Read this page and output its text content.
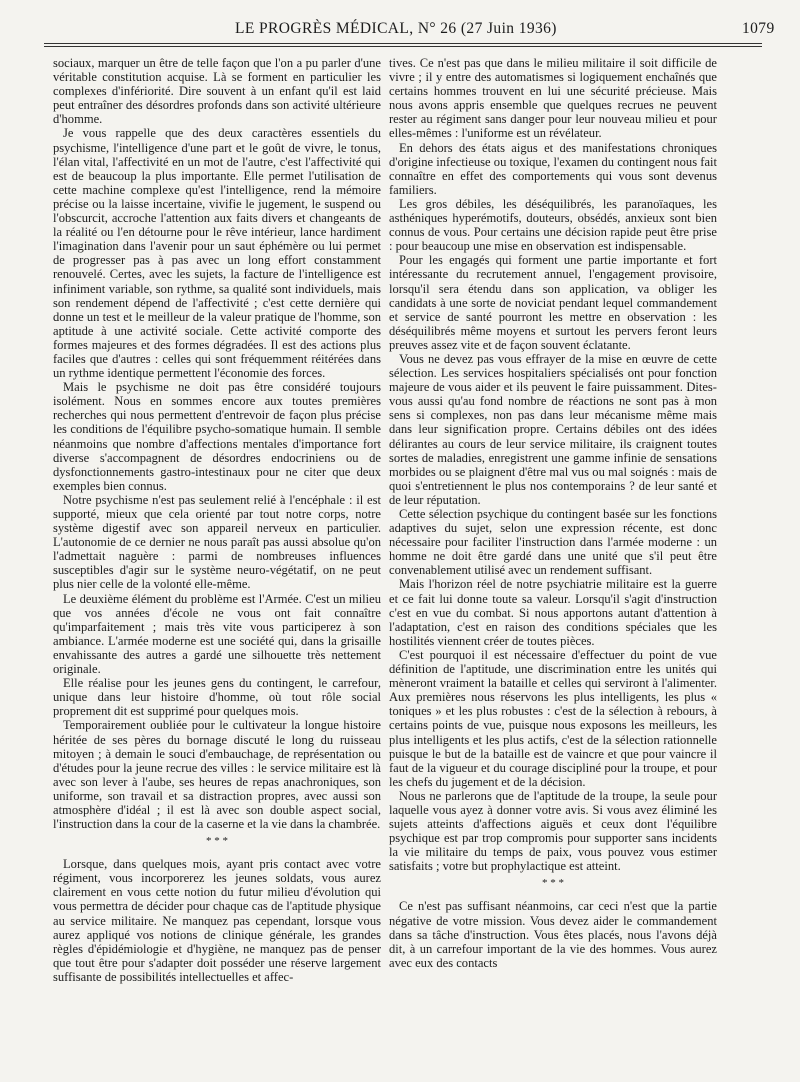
LE PROGRÈS MÉDICAL, N° 26 (27 Juin 1936)	1079

sociaux, marquer un être de telle façon que l'on a pu parler d'une véritable constitution acquise. Là se forment en particulier les complexes d'infériorité. Dire souvent à un enfant qu'il est laid peut entraîner des désordres profonds dans son activité ultérieure d'homme.

Je vous rappelle que des deux caractères essentiels du psychisme, l'intelligence d'une part et le goût de vivre, le tonus, l'élan vital, l'affectivité en un mot de l'autre, c'est l'affectivité qui est de beaucoup la plus importante. Elle permet l'utilisation de cette machine complexe qu'est l'intelligence, rend la mémoire précise ou la laisse incertaine, vivifie le jugement, le suspend ou l'obscurcit, accroche l'attention aux faits divers et changeants de la réalité ou l'en détourne pour le rêve intérieur, lance hardiment l'imagination dans l'avenir pour un saut éphémère ou lui permet de progresser pas à pas avec un long effort constamment renouvelé. Certes, avec les sujets, la facture de l'intelligence est infiniment variable, son rythme, sa qualité sont individuels, mais son rendement dépend de l'affectivité ; c'est cette dernière qui donne un test et le meilleur de la valeur pratique de l'homme, son aptitude à une activité sociale. Cette activité comporte des formes majeures et des formes dégradées. Il est des actions plus faciles que d'autres : celles qui sont fréquemment réitérées dans un rythme identique permettent l'économie des forces.

Mais le psychisme ne doit pas être considéré toujours isolément. Nous en sommes encore aux toutes premières recherches qui nous permettent d'entrevoir de façon plus précise les conditions de l'équilibre psycho-somatique humain. Il semble néanmoins que nombre d'affections mentales d'importance fort diverse s'accompagnent de désordres endocriniens ou de dysfonctionnements gastro-intestinaux pour ne citer que deux exemples bien connus.

Notre psychisme n'est pas seulement relié à l'encéphale : il est supporté, mieux que cela orienté par tout notre corps, notre système digestif avec son appareil nerveux en particulier. L'autonomie de ce dernier ne nous paraît pas aussi absolue qu'on l'admettait naguère : parmi de nombreuses influences susceptibles d'agir sur le système neuro-végétatif, on ne peut plus nier celle de la volonté elle-même.

Le deuxième élément du problème est l'Armée. C'est un milieu que vos années d'école ne vous ont fait connaître qu'imparfaitement ; mais très vite vous participerez à son ambiance. L'armée moderne est une société qui, dans la grisaille envahissante des autres a gardé une silhouette très nettement originale.

Elle réalise pour les jeunes gens du contingent, le carrefour, unique dans leur histoire d'homme, où tout rôle social proprement dit est supprimé pour quelques mois.

Temporairement oubliée pour le cultivateur la longue histoire héritée de ses pères du bornage discuté le long du ruisseau mitoyen ; à demain le souci d'embauchage, de représentation ou d'études pour la jeune recrue des villes : le service militaire est là avec son lever à l'aube, ses heures de repas anachroniques, son uniforme, son travail et sa distraction propres, avec aussi son atmosphère d'idéal ; il est là avec son double aspect social, l'instruction dans la cour de la caserne et la vie dans la chambrée.

* * *

Lorsque, dans quelques mois, ayant pris contact avec votre régiment, vous incorporerez les jeunes soldats, vous aurez clairement en vous cette notion du futur milieu d'évolution qui vous permettra de décider pour chaque cas de l'aptitude physique au service militaire. Ne manquez pas cependant, lorsque vous aurez appliqué vos notions de clinique générale, les grandes règles d'épidémiologie et d'hygiène, ne manquez pas de penser que tout être pour s'adapter doit posséder une réserve largement suffisante de possibilités intellectuelles et affec-

tives. Ce n'est pas que dans le milieu militaire il soit difficile de vivre ; il y entre des automatismes si logiquement enchaînés que certains hommes trouvent en lui une sécurité précieuse. Mais nous avons appris ensemble que quelques recrues ne peuvent rester au régiment sans danger pour leur nouveau milieu et pour elles-mêmes : l'uniforme est un révélateur.

En dehors des états aigus et des manifestations chroniques d'origine infectieuse ou toxique, l'examen du contingent nous fait connaître en effet des comportements qui vous sont devenus familiers.

Les gros débiles, les déséquilibrés, les paranoïaques, les asthéniques hyperémotifs, douteurs, obsédés, anxieux sont bien connus de vous. Pour certains une décision rapide peut être prise : pour beaucoup une mise en observation est indispensable.

Pour les engagés qui forment une partie importante et fort intéressante du recrutement annuel, l'engagement provisoire, lorsqu'il sera étendu dans son application, va obliger les candidats à une sorte de noviciat pendant lequel commandement et service de santé pourront les mettre en observation : les déséquilibrés même moyens et surtout les pervers feront leurs preuves assez vite et de façon souvent éclatante.

Vous ne devez pas vous effrayer de la mise en œuvre de cette sélection. Les services hospitaliers spécialisés ont pour fonction majeure de vous aider et ils peuvent le faire puissamment. Dites-vous aussi qu'au fond nombre de réactions ne sont pas à mon sens si complexes, non pas dans leur mécanisme même mais dans leur signification propre. Certains débiles ont des idées délirantes au cours de leur service militaire, ils craignent toutes sortes de maladies, enregistrent une gamme infinie de sensations morbides ou se plaignent d'être mal vus ou mal soignés : mais de quoi s'entretiennent le plus nos contemporains ? de leur santé et de leur réputation.

Cette sélection psychique du contingent basée sur les fonctions adaptives du sujet, selon une expression récente, est donc nécessaire pour faciliter l'instruction dans l'armée moderne : un homme ne doit être gardé dans une unité que s'il peut être convenablement utilisé avec un rendement suffisant.

Mais l'horizon réel de notre psychiatrie militaire est la guerre et ce fait lui donne toute sa valeur. Lorsqu'il s'agit d'instruction c'est en vue du combat. Si nous apportons autant d'attention à l'adaptation, c'est en raison des conditions spéciales que les hostilités viennent créer de toutes pièces.

C'est pourquoi il est nécessaire d'effectuer du point de vue définition de l'aptitude, une discrimination entre les unités qui mèneront vraiment la bataille et celles qui serviront à l'alimenter. Aux premières nous réservons les plus intelligents, les plus « toniques » et les plus robustes : c'est de la sélection à rebours, à certains points de vue, puisque nous exposons les meilleurs, les plus intelligents et les plus actifs, c'est de la sélection rationnelle puisque le but de la bataille est de vaincre et que pour vaincre il faut de la vigueur et du courage discipliné pour la troupe, et pour les chefs du jugement et de la décision.

Nous ne parlerons que de l'aptitude de la troupe, la seule pour laquelle vous ayez à donner votre avis. Si vous avez éliminé les sujets atteints d'affections aiguës et ceux dont l'équilibre psychique est par trop compromis pour supporter sans incidents la vie militaire du temps de paix, vous pouvez vous estimer satisfaits ; votre but prophylactique est atteint.

* * *

Ce n'est pas suffisant néanmoins, car ceci n'est que la partie négative de votre mission. Vous devez aider le commandement dans sa tâche d'instruction. Vous êtes placés, nous l'avons déjà dit, à un carrefour important de la vie des hommes. Vous aurez avec eux des contacts
